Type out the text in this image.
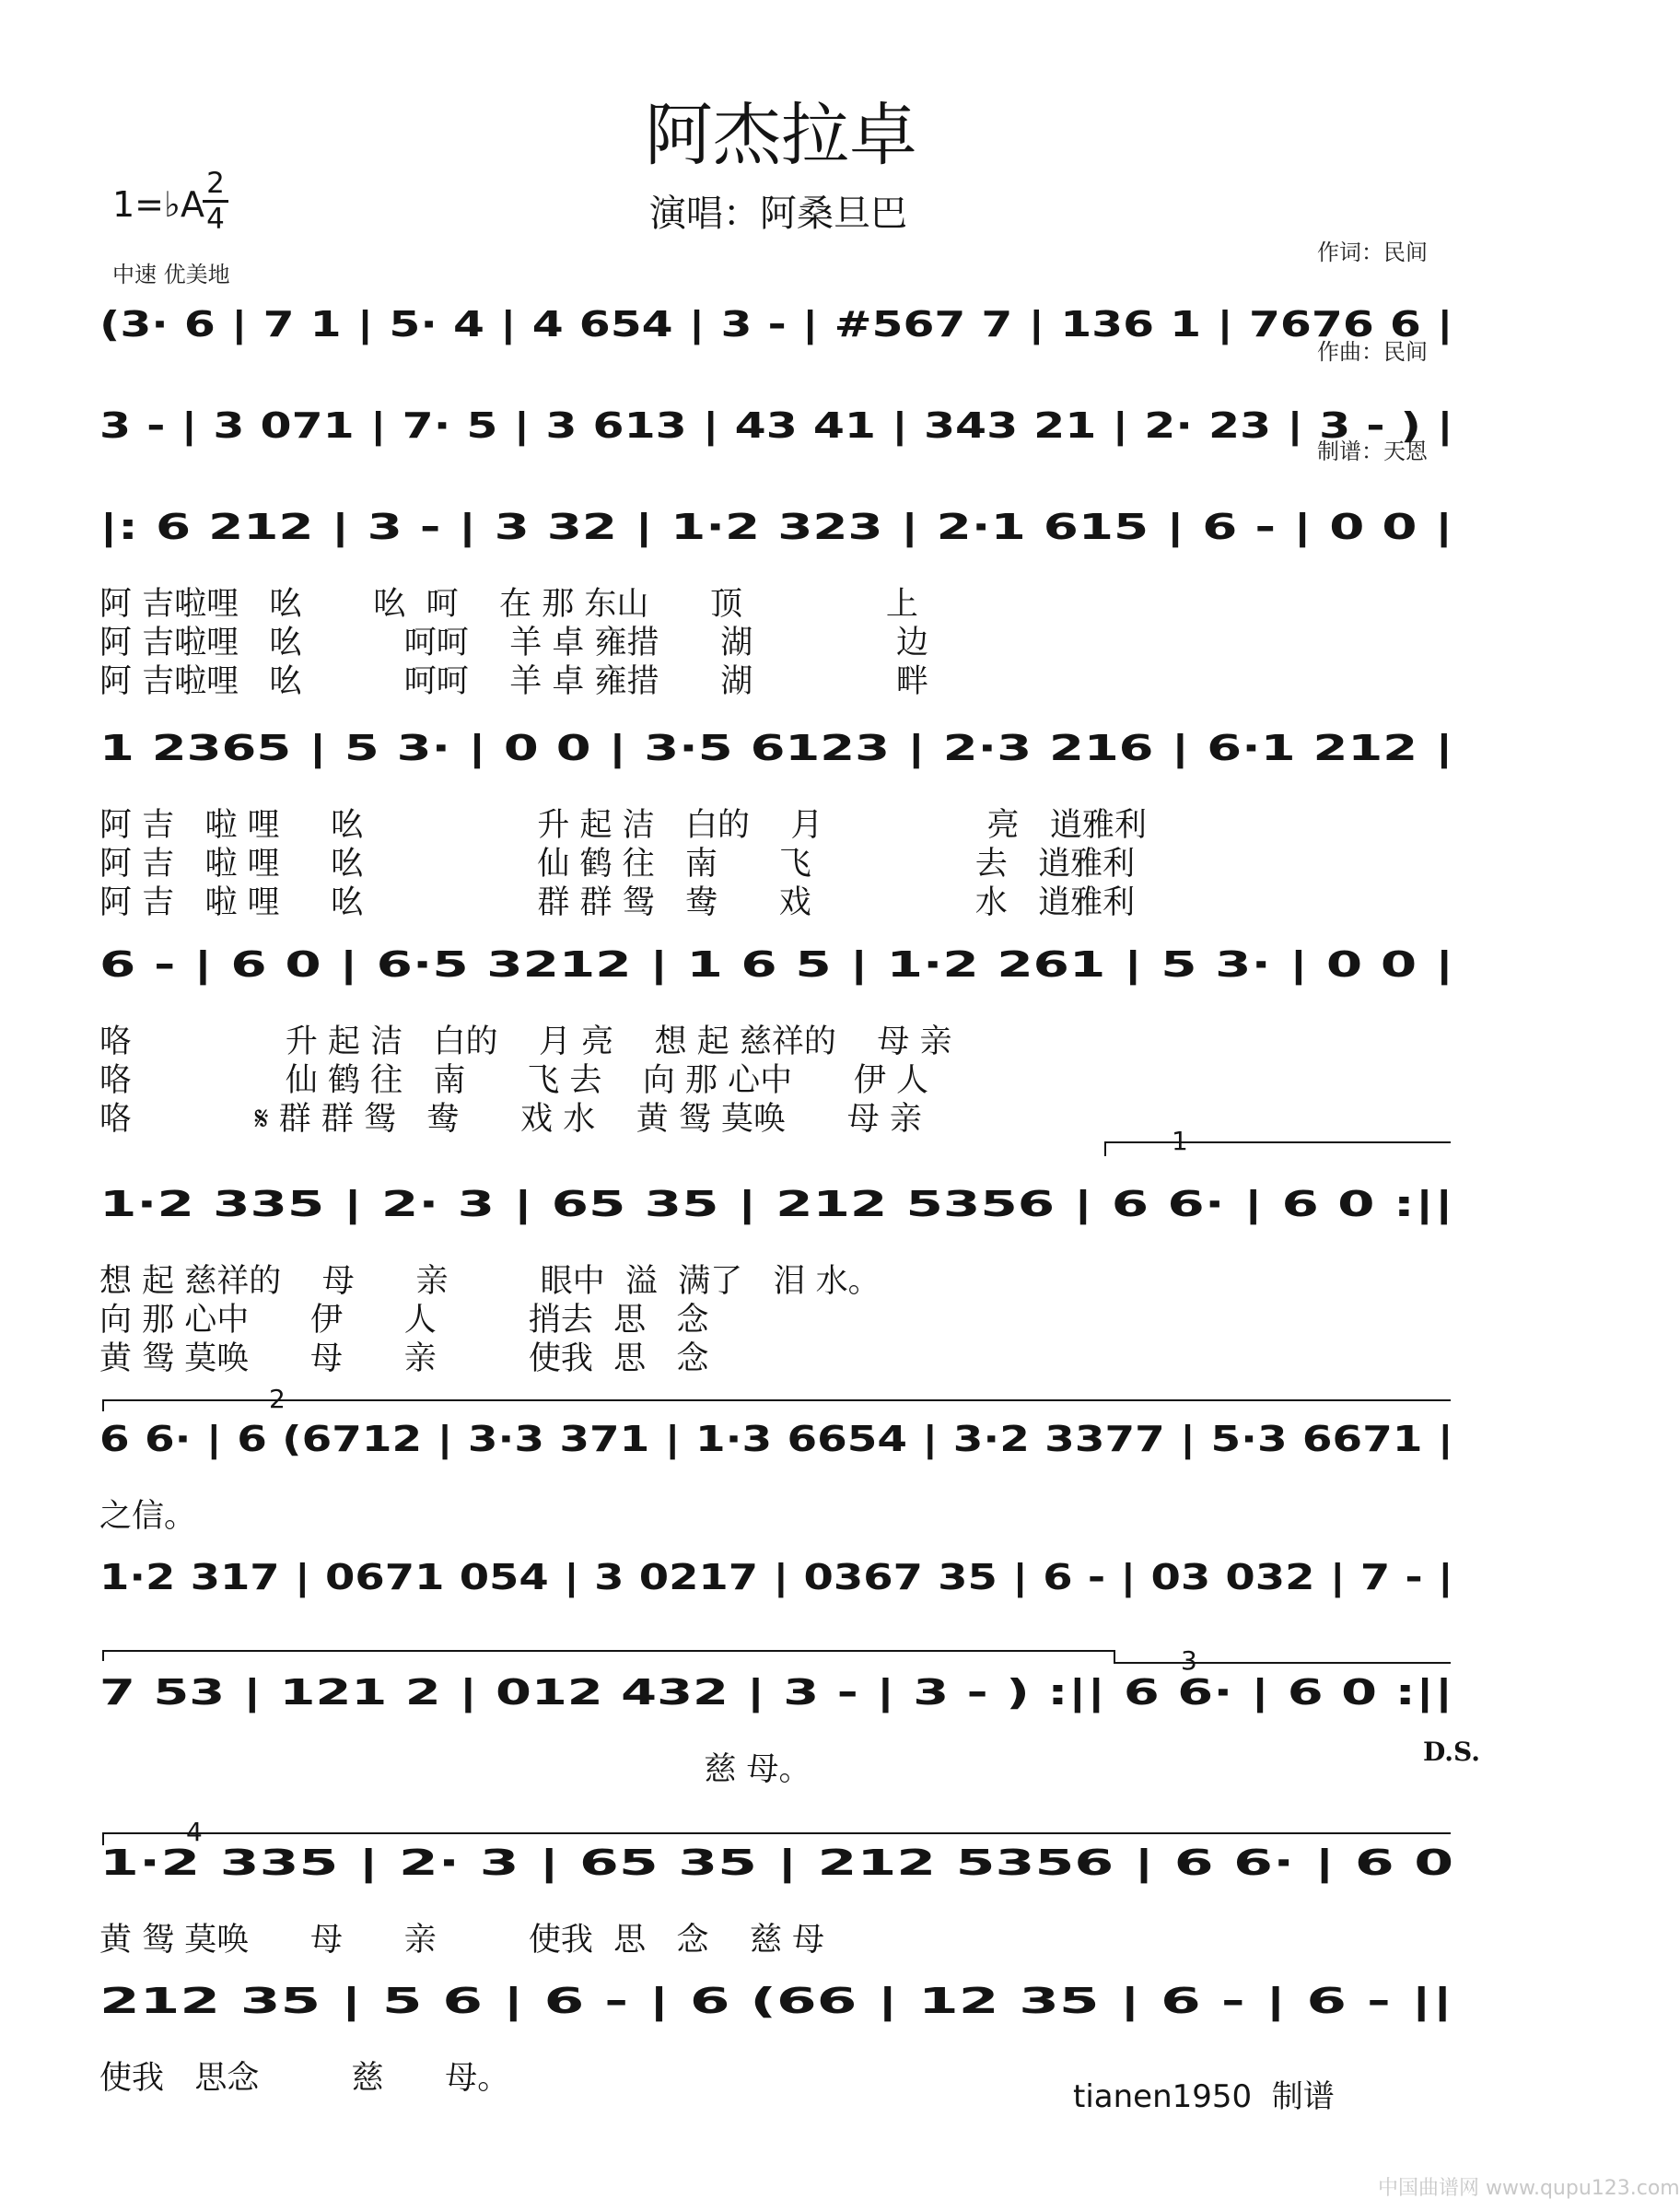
阿杰拉卓
1=♭A
2
4
中速 优美地
演唱：阿桑旦巴

作词：民间

作曲：民间

制谱：天恩

(3· 6 | 7 1 | 5· 4 | 4 654 | 3 - | #567 7 | 136 1 | 7676 6 |
3 - | 3 071 | 7· 5 | 3 613 | 43 41 | 343 21 | 2· 23 | 3 - ) |
|: 6 212 | 3 - | 3 32 | 1·2 323 | 2·1 615 | 6 - | 0 0 |
阿 吉啦哩   吆       吆  呵    在 那 东山      顶              上
阿 吉啦哩   吆          呵呵    羊 卓 雍措      湖              边
阿 吉啦哩   吆          呵呵    羊 卓 雍措      湖              畔
1 2365 | 5 3· | 0 0 | 3·5 6123 | 2·3 216 | 6·1 212 |
阿 吉   啦 哩     吆                 升 起 洁   白的    月                亮   逍雅利
阿 吉   啦 哩     吆                 仙 鹤 往   南      飞                去   逍雅利
阿 吉   啦 哩     吆                 群 群 鸳   鸯      戏                水   逍雅利
6 - | 6 0 | 6·5 3212 | 1 6 5 | 1·2 261 | 5 3· | 0 0 |
咯               升 起 洁   白的    月 亮    想 起 慈祥的    母 亲
咯               仙 鹤 往   南      飞 去    向 那 心中      伊 人
咯            𝄋 群 群 鸳   鸯      戏 水    黄 鸳 莫唤      母 亲
1·2 335 | 2· 3 | 65 35 | 212 5356 | 6 6· | 6 0 :||
想 起 慈祥的    母      亲         眼中  溢  满了   泪 水。
向 那 心中      伊      人         捎去  思   念
黄 鸳 莫唤      母      亲         使我  思   念
6 6· | 6 (6712 | 3·3 371 | 1·3 6654 | 3·2 3377 | 5·3 6671 |
之信。
1·2 317 | 0671 054 | 3 0217 | 0367 35 | 6 - | 03 032 | 7 - |
7 53 | 121 2 | 012 432 | 3 - | 3 - ) :|| 6 6· | 6 0 :||
慈 母。
1·2 335 | 2· 3 | 65 35 | 212 5356 | 6 6· | 6 0
黄 鸳 莫唤      母      亲         使我  思   念    慈 母
212 35 | 5 6 | 6 - | 6 (66 | 12 35 | 6 - | 6 - ||
使我   思念         慈      母。
1
2
3
4
D.S.
tianen1950  制谱
中国曲谱网 www.qupu123.com
